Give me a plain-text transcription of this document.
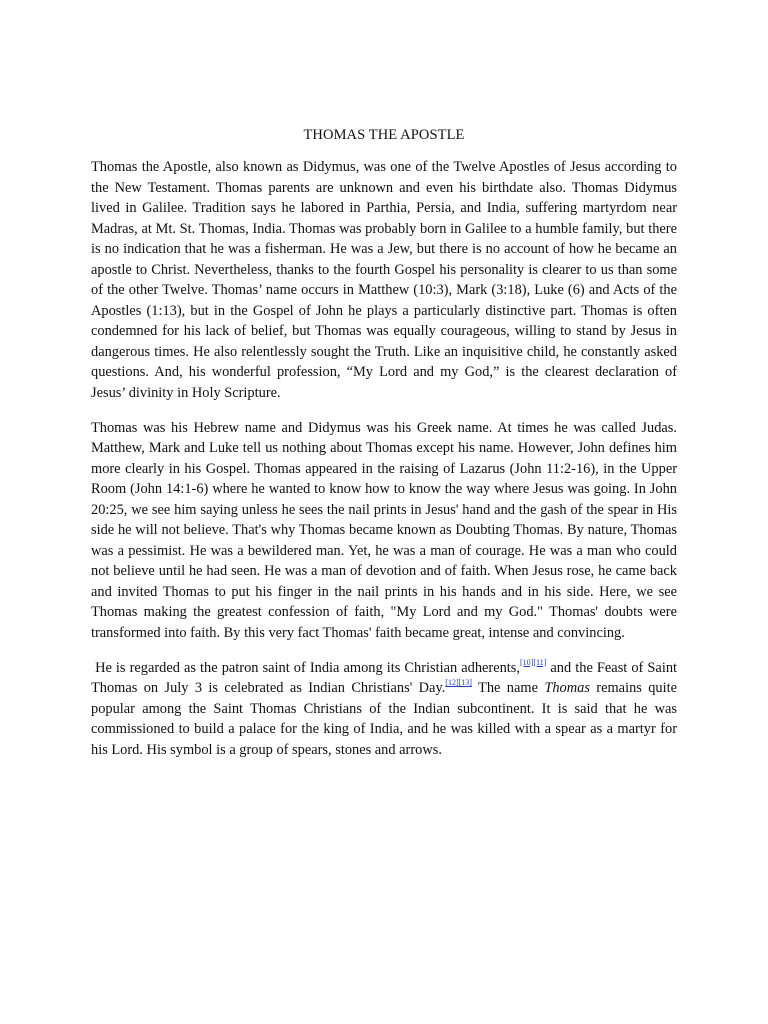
THOMAS THE APOSTLE

Thomas the Apostle, also known as Didymus, was one of the Twelve Apostles of Jesus according to the New Testament. Thomas parents are unknown and even his birthdate also. Thomas Didymus lived in Galilee. Tradition says he labored in Parthia, Persia, and India, suffering martyrdom near Madras, at Mt. St. Thomas, India. Thomas was probably born in Galilee to a humble family, but there is no indication that he was a fisherman. He was a Jew, but there is no account of how he became an apostle to Christ. Nevertheless, thanks to the fourth Gospel his personality is clearer to us than some of the other Twelve. Thomas’ name occurs in Matthew (10:3), Mark (3:18), Luke (6) and Acts of the Apostles (1:13), but in the Gospel of John he plays a particularly distinctive part. Thomas is often condemned for his lack of belief, but Thomas was equally courageous, willing to stand by Jesus in dangerous times. He also relentlessly sought the Truth. Like an inquisitive child, he constantly asked questions. And, his wonderful profession, “My Lord and my God,” is the clearest declaration of Jesus’ divinity in Holy Scripture.

Thomas was his Hebrew name and Didymus was his Greek name. At times he was called Judas. Matthew, Mark and Luke tell us nothing about Thomas except his name. However, John defines him more clearly in his Gospel. Thomas appeared in the raising of Lazarus (John 11:2-16), in the Upper Room (John 14:1-6) where he wanted to know how to know the way where Jesus was going. In John 20:25, we see him saying unless he sees the nail prints in Jesus' hand and the gash of the spear in His side he will not believe. That's why Thomas became known as Doubting Thomas. By nature, Thomas was a pessimist. He was a bewildered man. Yet, he was a man of courage. He was a man who could not believe until he had seen. He was a man of devotion and of faith. When Jesus rose, he came back and invited Thomas to put his finger in the nail prints in his hands and in his side. Here, we see Thomas making the greatest confession of faith, "My Lord and my God." Thomas' doubts were transformed into faith. By this very fact Thomas' faith became great, intense and convincing.

He is regarded as the patron saint of India among its Christian adherents,[10][11] and the Feast of Saint Thomas on July 3 is celebrated as Indian Christians' Day.[12][13] The name Thomas remains quite popular among the Saint Thomas Christians of the Indian subcontinent. It is said that he was commissioned to build a palace for the king of India, and he was killed with a spear as a martyr for his Lord. His symbol is a group of spears, stones and arrows.
